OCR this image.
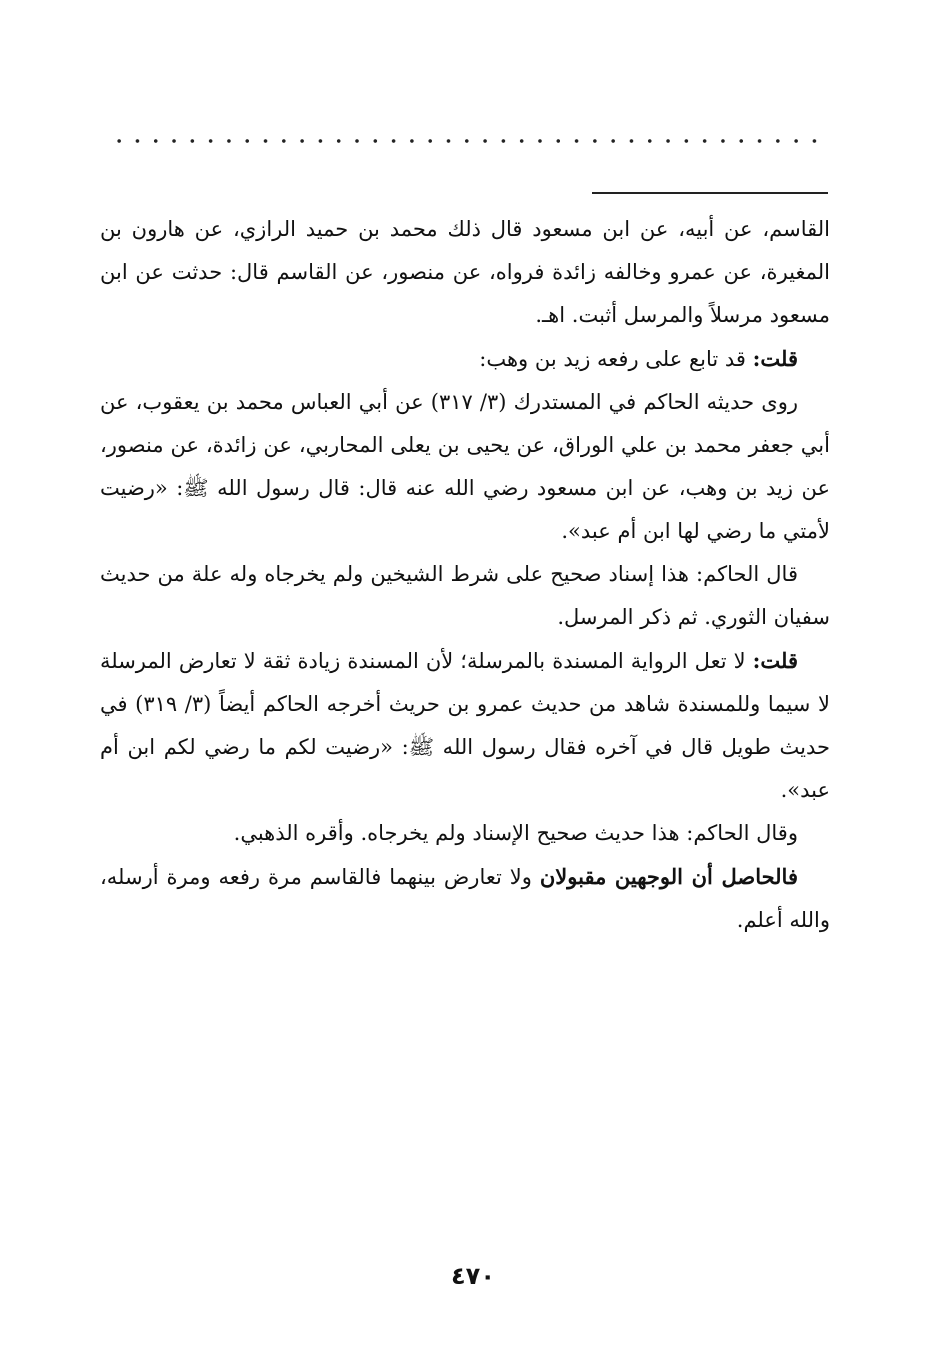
القاسم، عن أبيه، عن ابن مسعود قال ذلك محمد بن حميد الرازي، عن هارون بن المغيرة، عن عمرو وخالفه زائدة فرواه، عن منصور، عن القاسم قال: حدثت عن ابن مسعود مرسلاً والمرسل أثبت. اهـ.

قلت: قد تابع على رفعه زيد بن وهب:

روى حديثه الحاكم في المستدرك (٣/ ٣١٧) عن أبي العباس محمد بن يعقوب، عن أبي جعفر محمد بن علي الوراق، عن يحيى بن يعلى المحاربي، عن زائدة، عن منصور، عن زيد بن وهب، عن ابن مسعود رضي الله عنه قال: قال رسول الله ﷺ: «رضيت لأمتي ما رضي لها ابن أم عبد».

قال الحاكم: هذا إسناد صحيح على شرط الشيخين ولم يخرجاه وله علة من حديث سفيان الثوري. ثم ذكر المرسل.

قلت: لا تعل الرواية المسندة بالمرسلة؛ لأن المسندة زيادة ثقة لا تعارض المرسلة لا سيما وللمسندة شاهد من حديث عمرو بن حريث أخرجه الحاكم أيضاً (٣/ ٣١٩) في حديث طويل قال في آخره فقال رسول الله ﷺ: «رضيت لكم ما رضي لكم ابن أم عبد».

وقال الحاكم: هذا حديث صحيح الإسناد ولم يخرجاه. وأقره الذهبي.

فالحاصل أن الوجهين مقبولان ولا تعارض بينهما فالقاسم مرة رفعه ومرة أرسله، والله أعلم.

٤٧٠
